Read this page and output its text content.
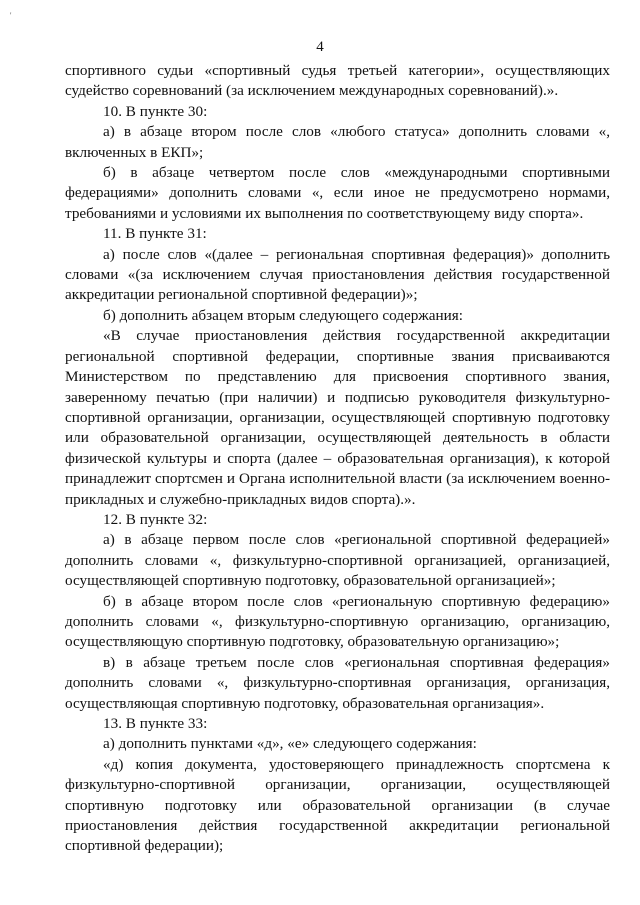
'
4

спортивного судьи «спортивный судья третьей категории», осуществляющих судейство соревнований (за исключением международных соревнований).».

10. В пункте 30:

а) в абзаце втором после слов «любого статуса» дополнить словами «, включенных в ЕКП»;

б) в абзаце четвертом после слов «международными спортивными федерациями» дополнить словами «, если иное не предусмотрено нормами, требованиями и условиями их выполнения по соответствующему виду спорта».

11. В пункте 31:

а) после слов «(далее – региональная спортивная федерация)» дополнить словами «(за исключением случая приостановления действия государственной аккредитации региональной спортивной федерации)»;

б) дополнить абзацем вторым следующего содержания:

«В случае приостановления действия государственной аккредитации региональной спортивной федерации, спортивные звания присваиваются Министерством по представлению для присвоения спортивного звания, заверенному печатью (при наличии) и подписью руководителя физкультурно-спортивной организации, организации, осуществляющей спортивную подготовку или образовательной организации, осуществляющей деятельность в области физической культуры и спорта (далее – образовательная организация), к которой принадлежит спортсмен и Органа исполнительной власти (за исключением военно-прикладных и служебно-прикладных видов спорта).».

12. В пункте 32:

а) в абзаце первом после слов «региональной спортивной федерацией» дополнить словами «, физкультурно-спортивной организацией, организацией, осуществляющей спортивную подготовку, образовательной организацией»;

б) в абзаце втором после слов «региональную спортивную федерацию» дополнить словами «, физкультурно-спортивную организацию, организацию, осуществляющую спортивную подготовку, образовательную организацию»;

в) в абзаце третьем после слов «региональная спортивная федерация» дополнить словами «, физкультурно-спортивная организация, организация, осуществляющая спортивную подготовку, образовательная организация».

13. В пункте 33:

а) дополнить пунктами «д», «е» следующего содержания:

«д) копия документа, удостоверяющего принадлежность спортсмена к физкультурно-спортивной организации, организации, осуществляющей спортивную подготовку или образовательной организации (в случае приостановления действия государственной аккредитации региональной спортивной федерации);
